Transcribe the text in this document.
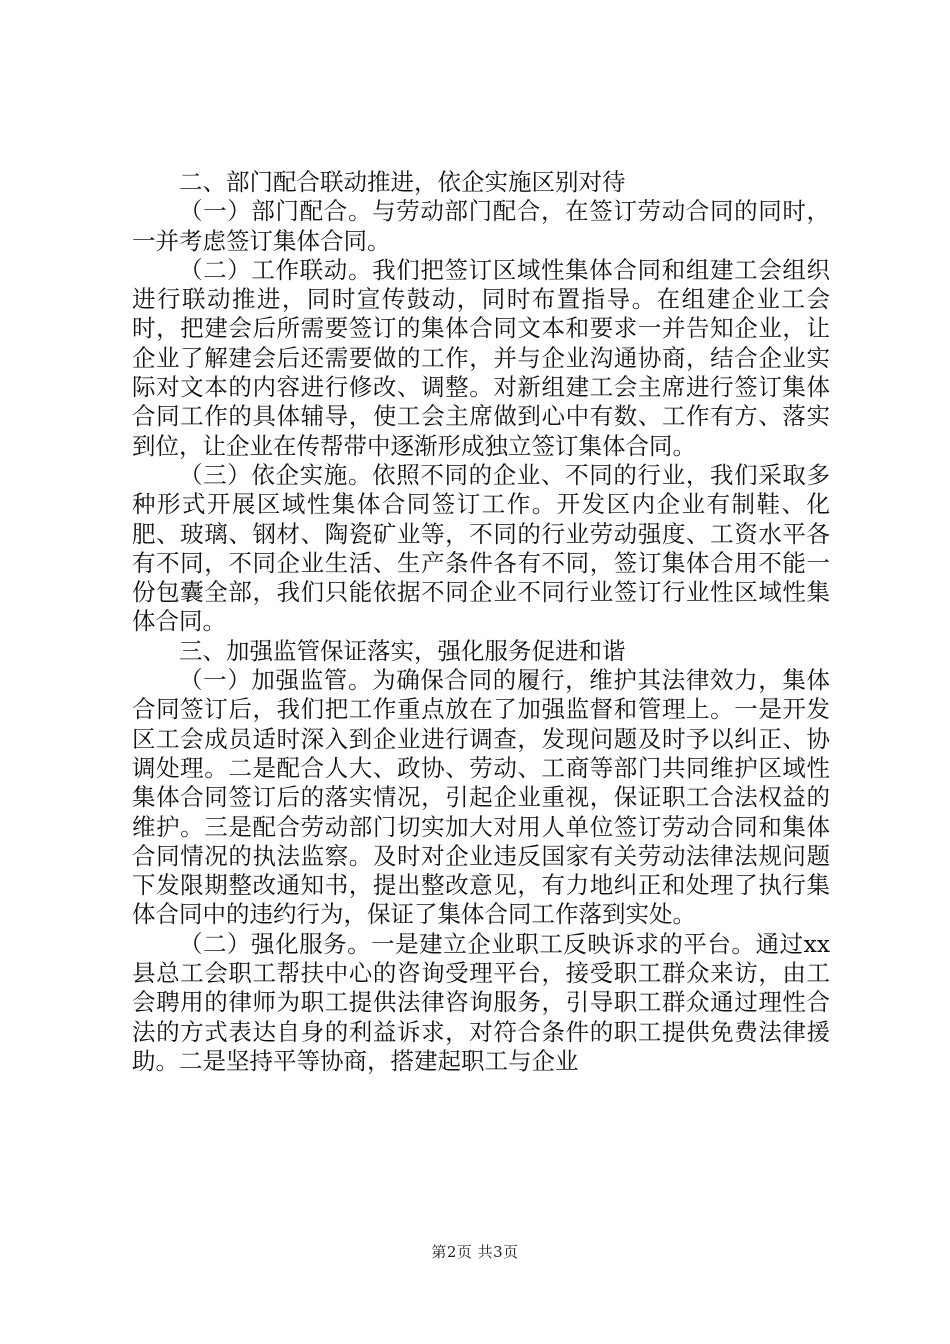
二、部门配合联动推进，依企实施区别对待

（一）部门配合。与劳动部门配合，在签订劳动合同的同时，一并考虑签订集体合同。

（二）工作联动。我们把签订区域性集体合同和组建工会组织进行联动推进，同时宣传鼓动，同时布置指导。在组建企业工会时，把建会后所需要签订的集体合同文本和要求一并告知企业，让企业了解建会后还需要做的工作，并与企业沟通协商，结合企业实际对文本的内容进行修改、调整。对新组建工会主席进行签订集体合同工作的具体辅导，使工会主席做到心中有数、工作有方、落实到位，让企业在传帮带中逐渐形成独立签订集体合同。

（三）依企实施。依照不同的企业、不同的行业，我们采取多种形式开展区域性集体合同签订工作。开发区内企业有制鞋、化肥、玻璃、钢材、陶瓷矿业等，不同的行业劳动强度、工资水平各有不同，不同企业生活、生产条件各有不同，签订集体合用不能一份包囊全部，我们只能依据不同企业不同行业签订行业性区域性集体合同。

三、加强监管保证落实，强化服务促进和谐

（一）加强监管。为确保合同的履行，维护其法律效力，集体合同签订后，我们把工作重点放在了加强监督和管理上。一是开发区工会成员适时深入到企业进行调查，发现问题及时予以纠正、协调处理。二是配合人大、政协、劳动、工商等部门共同维护区域性集体合同签订后的落实情况，引起企业重视，保证职工合法权益的维护。三是配合劳动部门切实加大对用人单位签订劳动合同和集体合同情况的执法监察。及时对企业违反国家有关劳动法律法规问题下发限期整改通知书，提出整改意见，有力地纠正和处理了执行集体合同中的违约行为，保证了集体合同工作落到实处。

（二）强化服务。一是建立企业职工反映诉求的平台。通过xx县总工会职工帮扶中心的咨询受理平台，接受职工群众来访，由工会聘用的律师为职工提供法律咨询服务，引导职工群众通过理性合法的方式表达自身的利益诉求，对符合条件的职工提供免费法律援助。二是坚持平等协商，搭建起职工与企业

第2页 共3页
